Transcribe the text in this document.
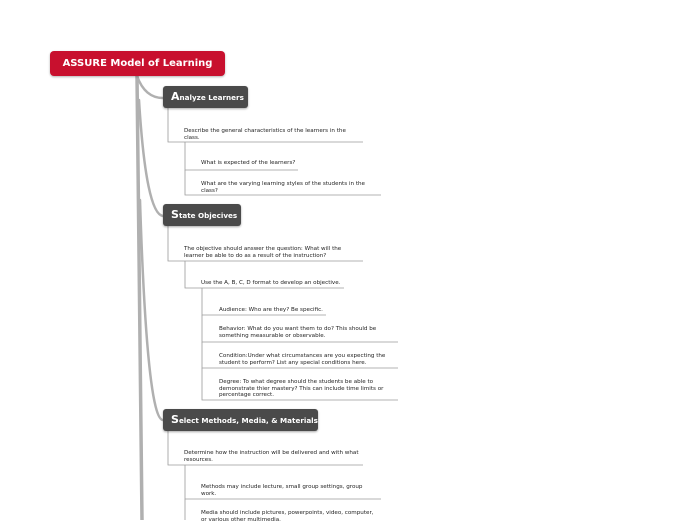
ASSURE Model of Learning
Analyze Learners
Describe the general characteristics of the learners in the class.
What is expected of the learners?
What are the varying learning styles of the students in the class?
State Objecives
The objective should answer the question: What will the learner be able to do as a result of the instruction?
Use the A, B, C, D format to develop an objective.
Audience: Who are they? Be specific.
Behavior: What do you want them to do? This should be something measurable or observable.
Condition:Under what circumstances are you expecting the student to perform? List any special conditions here.
Degree: To what degree should the students be able to demonstrate thier mastery? This can include time limits or percentage correct.
Select Methods, Media, & Materials
Determine how the instruction will be delivered and with what resources.
Methods may include lecture, small group settings, group work.
Media should include pictures, powerpoints, video, computer, or various other multimedia.
